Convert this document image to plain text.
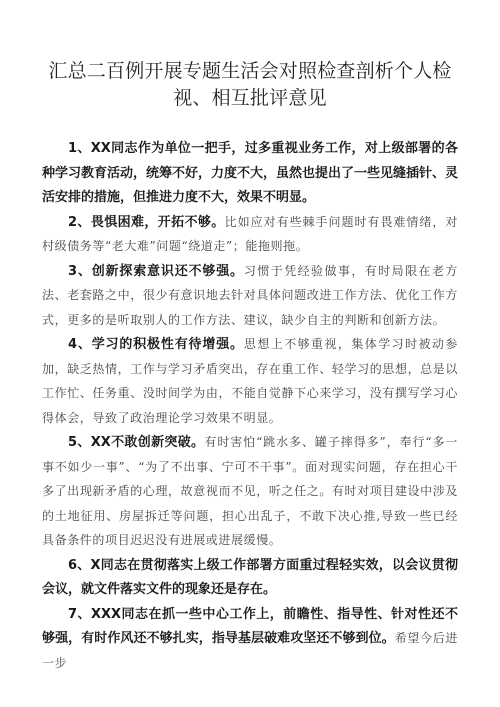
汇总二百例开展专题生活会对照检查剖析个人检
视、相互批评意见

1、XX同志作为单位一把手，过多重视业务工作，对上级部署的各种学习教育活动，统筹不好，力度不大，虽然也提出了一些见缝插针、灵活安排的措施，但推进力度不大，效果不明显。

2、畏惧困难，开拓不够。比如应对有些棘手问题时有畏难情绪，对村级债务等“老大难”问题“绕道走”；能拖则拖。

3、创新探索意识还不够强。习惯于凭经验做事，有时局限在老方法、老套路之中，很少有意识地去针对具体问题改进工作方法、优化工作方式，更多的是听取别人的工作方法、建议，缺少自主的判断和创新方法。

4、学习的积极性有待增强。思想上不够重视，集体学习时被动参加，缺乏热情，工作与学习矛盾突出，存在重工作、轻学习的思想，总是以工作忙、任务重、没时间学为由，不能自觉静下心来学习，没有撰写学习心得体会，导致了政治理论学习效果不明显。

5、XX不敢创新突破。有时害怕“跳水多、罐子摔得多”，奉行“多一事不如少一事”、“为了不出事、宁可不干事”。面对现实问题，存在担心干多了出现新矛盾的心理，故意视而不见，听之任之。有时对项目建设中涉及的土地征用、房屋拆迁等问题，担心出乱子，不敢下决心推,导致一些已经具备条件的项目迟迟没有进展或进展缓慢。

6、X同志在贯彻落实上级工作部署方面重过程轻实效，以会议贯彻会议，就文件落实文件的现象还是存在。

7、XXX同志在抓一些中心工作上，前瞻性、指导性、针对性还不够强，有时作风还不够扎实，指导基层破难攻坚还不够到位。希望今后进一步
